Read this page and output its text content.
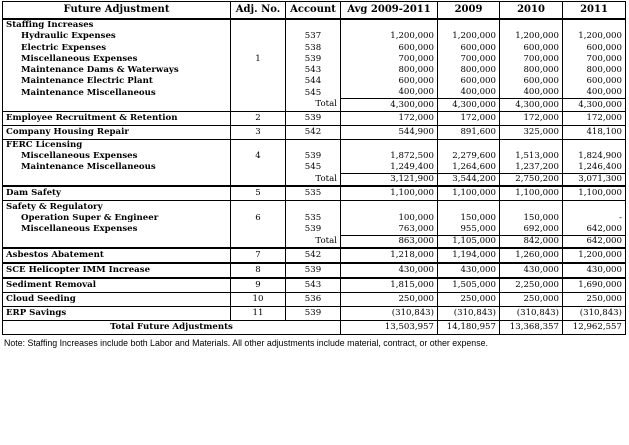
Future Adjustment	Adj. No.	Account	Avg 2009-2011	2009	2010	2011
Staffing Increases						
Hydraulic Expenses		537	1,200,000	1,200,000	1,200,000	1,200,000
Electric Expenses		538	600,000	600,000	600,000	600,000
Miscellaneous Expenses	1	539	700,000	700,000	700,000	700,000
Maintenance Dams & Waterways		543	800,000	800,000	800,000	800,000
Maintenance Electric Plant		544	600,000	600,000	600,000	600,000
Maintenance Miscellaneous		545	400,000	400,000	400,000	400,000
		Total	4,300,000	4,300,000	4,300,000	4,300,000
Employee Recruitment & Retention	2	539	172,000	172,000	172,000	172,000
Company Housing Repair	3	542	544,900	891,600	325,000	418,100
FERC Licensing						
Miscellaneous Expenses	4	539	1,872,500	2,279,600	1,513,000	1,824,900
Maintenance Miscellaneous		545	1,249,400	1,264,600	1,237,200	1,246,400
		Total	3,121,900	3,544,200	2,750,200	3,071,300
Dam Safety	5	535	1,100,000	1,100,000	1,100,000	1,100,000
Safety & Regulatory						
Operation Super & Engineer	6	535	100,000	150,000	150,000	-
Miscellaneous Expenses		539	763,000	955,000	692,000	642,000
		Total	863,000	1,105,000	842,000	642,000
Asbestos Abatement	7	542	1,218,000	1,194,000	1,260,000	1,200,000
SCE Helicopter IMM Increase	8	539	430,000	430,000	430,000	430,000
Sediment Removal	9	543	1,815,000	1,505,000	2,250,000	1,690,000
Cloud Seeding	10	536	250,000	250,000	250,000	250,000
ERP Savings	11	539	(310,843)	(310,843)	(310,843)	(310,843)
Total Future Adjustments			13,503,957	14,180,957	13,368,357	12,962,557
Note: Staffing Increases include both Labor and Materials. All other adjustments include material, contract, or other expense.
